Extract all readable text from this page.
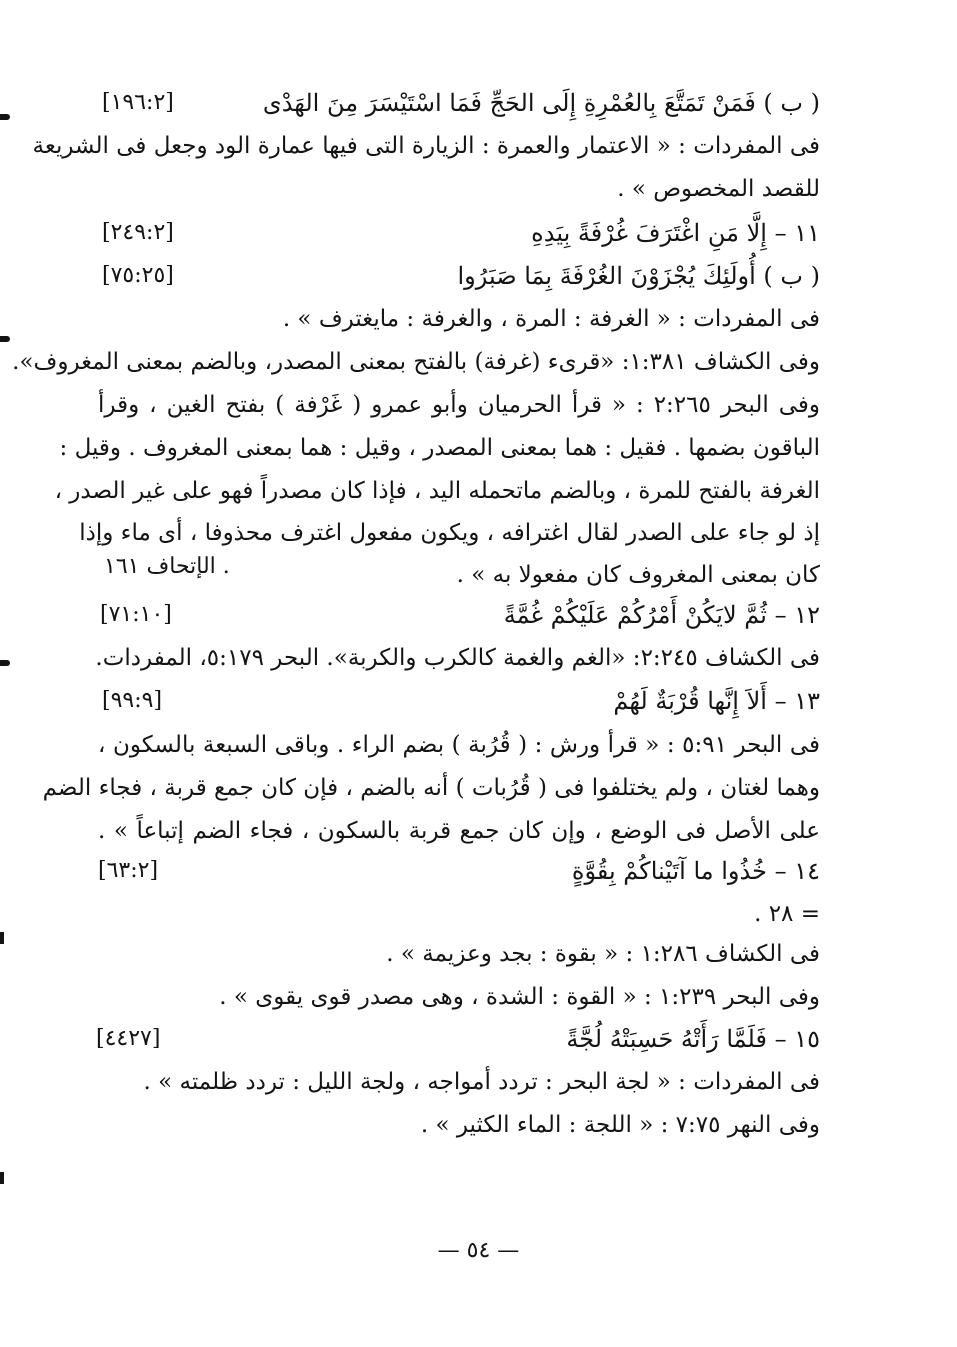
( ب ) فَمَنْ تَمَتَّعَ بِالعُمْرِةِ إِلَى الحَجِّ فَمَا اسْتَيْسَرَ مِنَ الهَدْى
[١٩٦:٢]
فى المفردات : « الاعتمار والعمرة : الزيارة التى فيها عمارة الود وجعل فى الشريعة
للقصد المخصوص » .
١١ – إِلَّا مَنِ اغْتَرَفَ غُرْفَةً بِيَدِهِ
[٢٤٩:٢]
( ب ) أُولَئِكَ يُجْزَوْنَ الغُرْفَةَ بِمَا صَبَرُوا
[٧٥:٢٥]
فى المفردات : « الغرفة : المرة ، والغرفة : مايغترف » .
وفى الكشاف ١:٣٨١: «قرىء (غرفة) بالفتح بمعنى المصدر، وبالضم بمعنى المغروف».
وفى البحر ٢:٢٦٥ : « قرأ الحرميان وأبو عمرو ( غَرْفة ) بفتح الغين ، وقرأ
الباقون بضمها . فقيل : هما بمعنى المصدر ، وقيل : هما بمعنى المغروف . وقيل :
الغرفة بالفتح للمرة ، وبالضم ماتحمله اليد ، فإذا كان مصدراً فهو على غير الصدر ،
إذ لو جاء على الصدر لقال اغترافه ، ويكون مفعول اغترف محذوفا ، أى ماء وإذا
كان بمعنى المغروف كان مفعولا به » .
الإتحاف ١٦١ .
١٢ – ثُمَّ لايَكُنْ أَمْرُكُمْ عَلَيْكُمْ غُمَّةً
[٧١:١٠]
فى الكشاف ٢:٢٤٥: «الغم والغمة كالكرب والكربة». البحر ٥:١٧٩، المفردات.
١٣ – أَلاَ إِنَّها قُرْبَةٌ لَهُمْ
[٩٩:٩]
فى البحر ٥:٩١ : « قرأ ورش : ( قُرُبة ) بضم الراء . وباقى السبعة بالسكون ،
وهما لغتان ، ولم يختلفوا فى ( قُرُبات ) أنه بالضم ، فإن كان جمع قربة ، فجاء الضم
على الأصل فى الوضع ، وإن كان جمع قربة بالسكون ، فجاء الضم إتباعاً » .
١٤ – خُذُوا ما آتَيْناكُمْ بِقُوَّةٍ
[٦٣:٢]
= ٢٨ .
فى الكشاف ١:٢٨٦ : « بقوة : بجد وعزيمة » .
وفى البحر ١:٢٣٩ : « القوة : الشدة ، وهى مصدر قوى يقوى » .
١٥ – فَلَمَّا رَأَتْهُ حَسِبَتْهُ لُجَّةً
[٤٤٢٧]
فى المفردات : « لجة البحر : تردد أمواجه ، ولجة الليل : تردد ظلمته » .
وفى النهر ٧:٧٥ : « اللجة : الماء الكثير » .
— ٥٤ —
